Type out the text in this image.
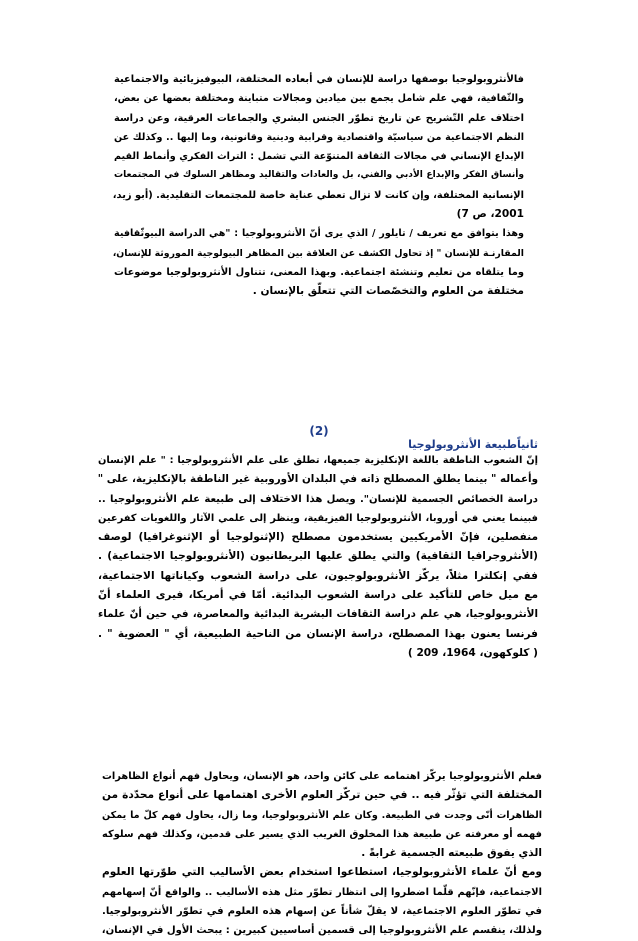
فالأنثروبولوجيا بوصفها دراسة للإنسان في أبعاده المختلفة، البيوفيزيائية والاجتماعية
والثّقافية، فهي علم شامل يجمع بين ميادين ومجالات متباينة ومختلفة بعضها عن بعض،
اختلاف علم التّشريح عن تاريخ تطوّر الجنس البشري والجماعات العرقية، وعن دراسة
النظم الاجتماعية من سياسيّة واقتصادية وقرابية ودينية وقانونية، وما إليها .. وكذلك عن
الإبداع الإنساني في مجالات الثقافة المتنوّعة التي تشمل : التراث الفكري وأنماط القيم
وأنساق الفكر والإبداع الأدبي والفني، بل والعادات والتقاليد ومظاهر السلوك في المجتمعات
الإنسانية المختلفة، وإن كانت لا تزال تعطي عناية خاصة للمجتمعات التقليدية. (أبو زيد،
2001، ص 7)
وهذا يتوافق مع تعريف / تايلور / الذي يرى أنّ الأنثروبولوجيا : "هي الدراسة البيوثّقافية
المقارنـة للإنسان " إذ تحاول الكشف عن العلاقة بين المظاهر البيولوجية الموروثة للإنسان،
وما يتلقاه من تعليم وتنشئة اجتماعية. وبهذا المعنى، تتناول الأنثروبولوجيا موضوعات
مختلفة من العلوم والتخصّصات التي تتعلّق بالإنسان .
(2)
ثانياًطبيعة الأنثروبولوجيا
إنّ الشعوب الناطقة باللغة الإنكليزية جميعها، تطلق على علم الأنثروبولوجيا : " علم الإنسان
وأعماله " بينما يطلق المصطلح ذاته في البلدان الأوروبية غير الناطقة بالإنكليزية، على "
دراسة الخصائص الجسمية للإنسان". ويصل هذا الاختلاف إلى طبيعة علم الأنثروبولوجيا ..
فبينما يعني في أوروبا، الأنثروبولوجيا الفيزيقية، وينظر إلى علمي الآثار واللغويات كفرعين
منفصلين، فإنّ الأمريكيين يستخدمون مصطلح (الإثنولوجيا أو الإثنوغرافيا) لوصف
(الأنثروجرافيا الثقافية) والتي يطلق عليها البريطانيون (الأنثروبولوجيا الاجتماعية) .
ففي إنكلترا مثلاً، يركّز الأنثروبولوجيون، على دراسة الشعوب وكياناتها الاجتماعية،
مع ميل خاص للتأكيد على دراسة الشعوب البدائية. أمّا في أمريكا، فيرى العلماء أنّ
الأنثروبولوجيا، هي علم دراسة الثقافات البشرية البدائية والمعاصرة، في حين أنّ علماء
فرنسا يعنون بهذا المصطلح، دراسة الإنسان من الناحية الطبيعية، أي " العضوية " .
( كلوكهون، 1964، 209 )
فعلم الأنثروبولوجيا يركّز اهتمامه على كائن واحد، هو الإنسان، ويحاول فهم أنواع الظاهرات
المختلفة التي تؤثّر فيه .. في حين تركّز العلوم الأخرى اهتمامها على أنواع محدّدة من
الظاهرات أنّى وجدت في الطبيعة. وكان علم الأنثروبولوجيا، وما زال، يحاول فهم كلّ ما يمكن
فهمه أو معرفته عن طبيعة هذا المخلوق الغريب الذي يسير على قدمين، وكذلك فهم سلوكه
الذي يفوق طبيعته الجسمية غرابةً .
ومع أنّ علماء الأنثروبولوجيا، استطاعوا استخدام بعض الأساليب التي طوّرتها العلوم
الاجتماعية، فإنّهم قلّما اضطروا إلى انتظار تطوّر مثل هذه الأساليب .. والواقع أنّ إسهامهم
في تطوّر العلوم الاجتماعية، لا يقلّ شأناً عن إسهام هذه العلوم في تطوّر الأنثروبولوجيا.
ولذلك، ينقسم علم الأنثروبولوجيا إلى قسمين أساسيين كبيرين : يبحث الأول في الإنسان،
